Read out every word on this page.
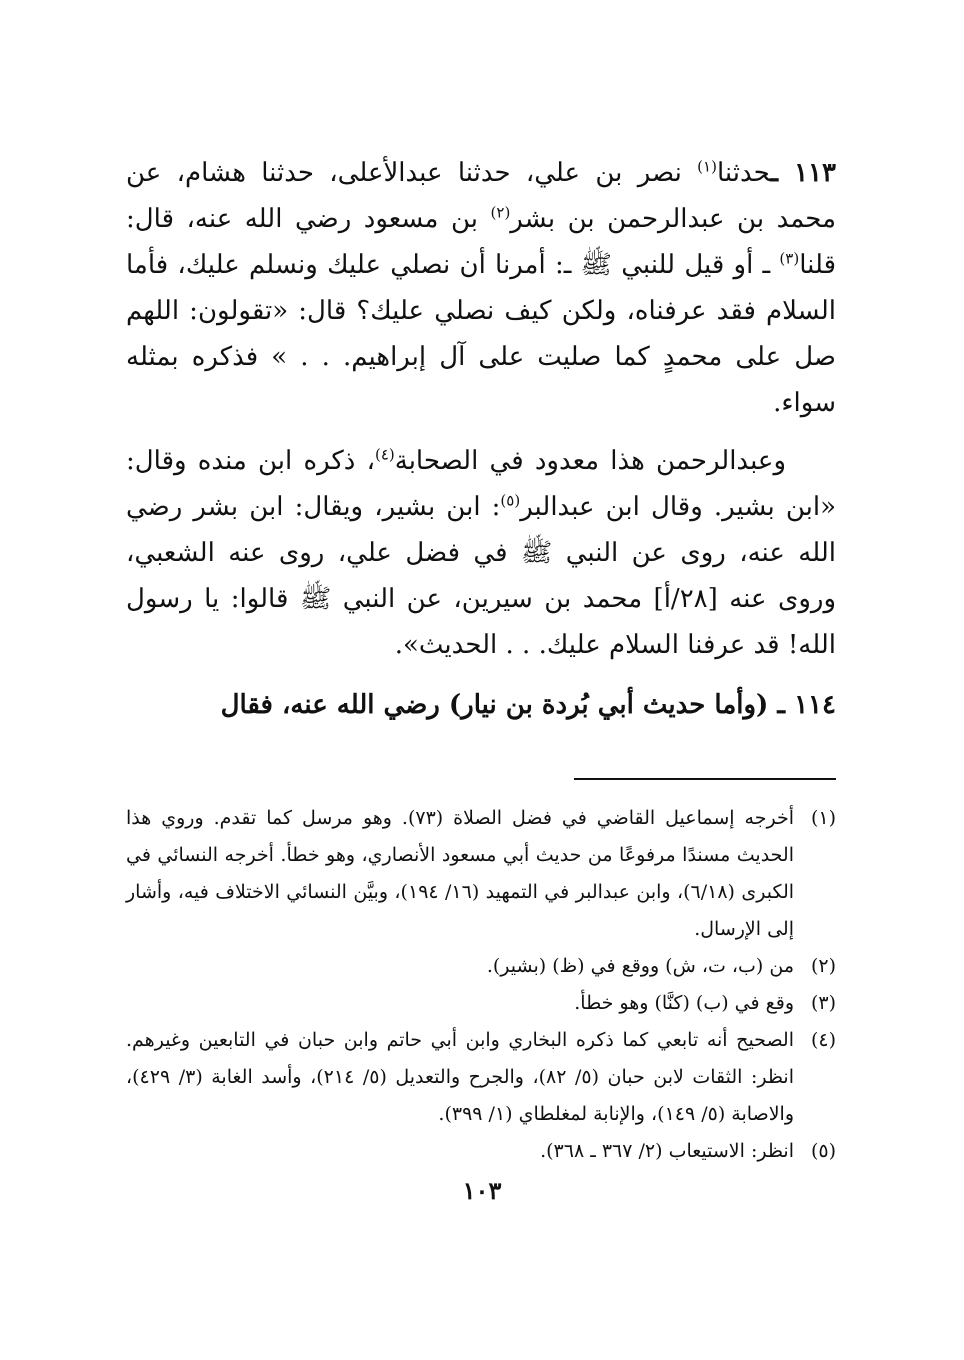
١١٣ ـحدثنا$^{(١)}$ نصر بن علي، حدثنا عبدالأعلى، حدثنا هشام، عن محمد بن عبدالرحمن بن بشر$^{(٢)}$ بن مسعود رضي الله عنه، قال: قلنا$^{(٣)}$ ـ أو قيل للنبي ﷺ ـ: أمرنا أن نصلي عليك ونسلم عليك، فأما السلام فقد عرفناه، ولكن كيف نصلي عليك؟ قال: «تقولون: اللهم صل على محمدٍ كما صليت على آل إبراهيم. . . » فذكره بمثله سواء.

وعبدالرحمن هذا معدود في الصحابة$^{(٤)}$، ذكره ابن منده وقال: «ابن بشير. وقال ابن عبدالبر$^{(٥)}$: ابن بشير، ويقال: ابن بشر رضي الله عنه، روى عن النبي ﷺ في فضل علي، روى عنه الشعبي، وروى عنه [٢٨/أ] محمد بن سيرين، عن النبي ﷺ قالوا: يا رسول الله! قد عرفنا السلام عليك. . . الحديث».

١١٤ ـ (وأما حديث أبي بُردة بن نيار) رضي الله عنه، فقال

(١)
أخرجه إسماعيل القاضي في فضل الصلاة (٧٣). وهو مرسل كما تقدم. وروي هذا الحديث مسندًا مرفوعًا من حديث أبي مسعود الأنصاري، وهو خطأ. أخرجه النسائي في الكبرى (٦/١٨)، وابن عبدالبر في التمهيد (١٦/ ١٩٤)، وبيَّن النسائي الاختلاف فيه، وأشار إلى الإرسال.
(٢)
من (ب، ت، ش) ووقع في (ظ) (بشير).
(٣)
وقع في (ب) (كنَّا) وهو خطأ.
(٤)
الصحيح أنه تابعي كما ذكره البخاري وابن أبي حاتم وابن حبان في التابعين وغيرهم. انظر: الثقات لابن حبان (٥/ ٨٢)، والجرح والتعديل (٥/ ٢١٤)، وأسد الغابة (٣/ ٤٢٩)، والاصابة (٥/ ١٤٩)، والإنابة لمغلطاي (١/ ٣٩٩).
(٥)
انظر: الاستيعاب (٢/ ٣٦٧ ـ ٣٦٨).
١٠٣
